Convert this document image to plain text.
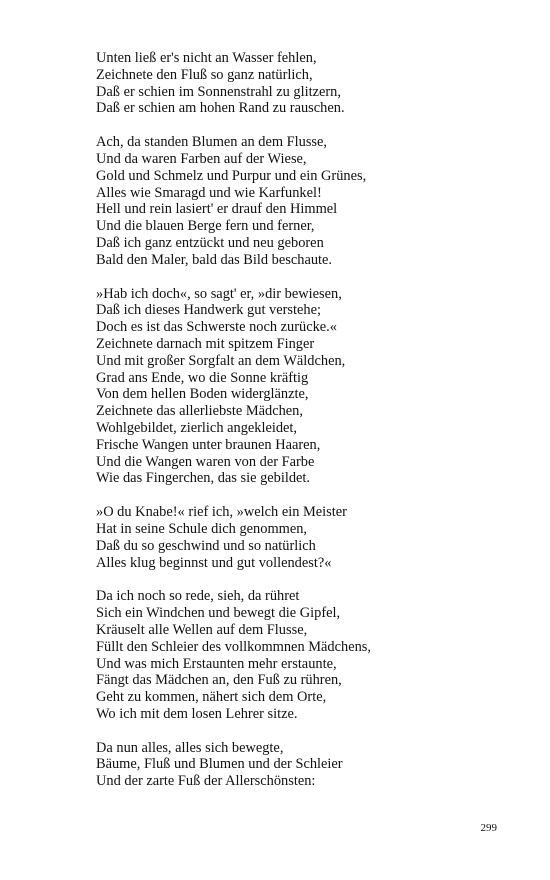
Unten ließ er's nicht an Wasser fehlen,
Zeichnete den Fluß so ganz natürlich,
Daß er schien im Sonnenstrahl zu glitzern,
Daß er schien am hohen Rand zu rauschen.
Ach, da standen Blumen an dem Flusse,
Und da waren Farben auf der Wiese,
Gold und Schmelz und Purpur und ein Grünes,
Alles wie Smaragd und wie Karfunkel!
Hell und rein lasiert' er drauf den Himmel
Und die blauen Berge fern und ferner,
Daß ich ganz entzückt und neu geboren
Bald den Maler, bald das Bild beschaute.
»Hab ich doch«, so sagt' er, »dir bewiesen,
Daß ich dieses Handwerk gut verstehe;
Doch es ist das Schwerste noch zurücke.«
Zeichnete darnach mit spitzem Finger
Und mit großer Sorgfalt an dem Wäldchen,
Grad ans Ende, wo die Sonne kräftig
Von dem hellen Boden widerglänzte,
Zeichnete das allerliebste Mädchen,
Wohlgebildet, zierlich angekleidet,
Frische Wangen unter braunen Haaren,
Und die Wangen waren von der Farbe
Wie das Fingerchen, das sie gebildet.
»O du Knabe!« rief ich, »welch ein Meister
Hat in seine Schule dich genommen,
Daß du so geschwind und so natürlich
Alles klug beginnst und gut vollendest?«
Da ich noch so rede, sieh, da rühret
Sich ein Windchen und bewegt die Gipfel,
Kräuselt alle Wellen auf dem Flusse,
Füllt den Schleier des vollkommnen Mädchens,
Und was mich Erstaunten mehr erstaunte,
Fängt das Mädchen an, den Fuß zu rühren,
Geht zu kommen, nähert sich dem Orte,
Wo ich mit dem losen Lehrer sitze.
Da nun alles, alles sich bewegte,
Bäume, Fluß und Blumen und der Schleier
Und der zarte Fuß der Allerschönsten:
299
